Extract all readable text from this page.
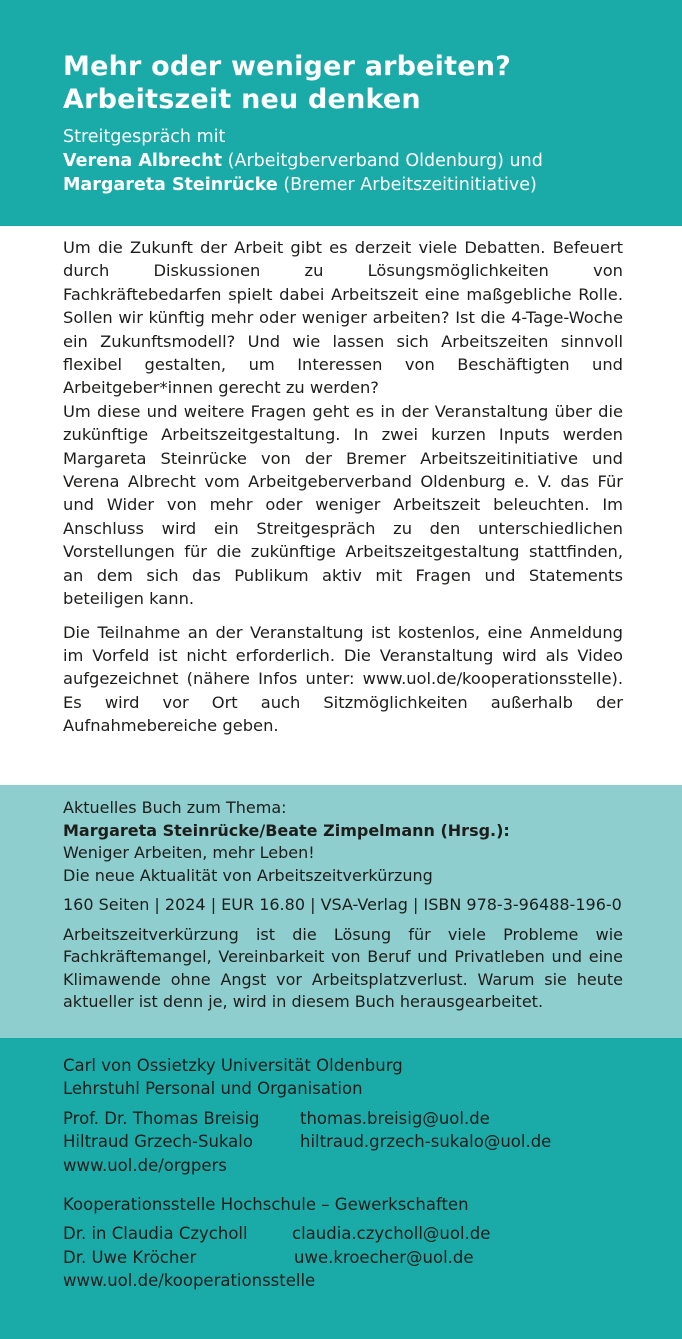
Mehr oder weniger arbeiten?
Arbeitszeit neu denken
Streitgespräch mit
Verena Albrecht (Arbeitgberverband Oldenburg) und
Margareta Steinrücke (Bremer Arbeitszeitinitiative)

Um die Zukunft der Arbeit gibt es derzeit viele Debatten. Befeuert durch Diskussionen zu Lösungsmöglichkeiten von Fachkräftebedarfen spielt dabei Arbeitszeit eine maßgebliche Rolle. Sollen wir künftig mehr oder weniger arbeiten? Ist die 4-Tage-Woche ein Zukunftsmodell? Und wie lassen sich Arbeitszeiten sinnvoll flexibel gestalten, um Interessen von Beschäftigten und Arbeitgeber*innen gerecht zu werden?

Um diese und weitere Fragen geht es in der Veranstaltung über die zukünftige Arbeitszeitgestaltung. In zwei kurzen Inputs werden Margareta Steinrücke von der Bremer Arbeitszeitinitiative und Verena Albrecht vom Arbeitgeberverband Oldenburg e. V. das Für und Wider von mehr oder weniger Arbeitszeit beleuchten. Im Anschluss wird ein Streitgespräch zu den unterschiedlichen Vorstellungen für die zukünftige Arbeitszeitgestaltung stattfinden, an dem sich das Publikum aktiv mit Fragen und Statements beteiligen kann.

Die Teilnahme an der Veranstaltung ist kostenlos, eine Anmeldung im Vorfeld ist nicht erforderlich. Die Veranstaltung wird als Video aufgezeichnet (nähere Infos unter: www.uol.de/kooperationsstelle). Es wird vor Ort auch Sitzmöglichkeiten außerhalb der Aufnahmebereiche geben.

Aktuelles Buch zum Thema:
Margareta Steinrücke/Beate Zimpelmann (Hrsg.):
Weniger Arbeiten, mehr Leben!
Die neue Aktualität von Arbeitszeitverkürzung
160 Seiten | 2024 | EUR 16.80 | VSA-Verlag | ISBN 978-3-96488-196-0
Arbeitszeitverkürzung ist die Lösung für viele Probleme wie Fachkräftemangel, Vereinbarkeit von Beruf und Privatleben und eine Klimawende ohne Angst vor Arbeitsplatzverlust. Warum sie heute aktueller ist denn je, wird in diesem Buch herausgearbeitet.
Carl von Ossietzky Universität Oldenburg
Lehrstuhl Personal und Organisation
Prof. Dr. Thomas Breisig	thomas.breisig@uol.de
Hiltraud Grzech-Sukalo	hiltraud.grzech-sukalo@uol.de
www.uol.de/orgpers
Kooperationsstelle Hochschule – Gewerkschaften
Dr. in Claudia Czycholl	claudia.czycholl@uol.de
Dr. Uwe Kröcher	uwe.kroecher@uol.de
www.uol.de/kooperationsstelle
